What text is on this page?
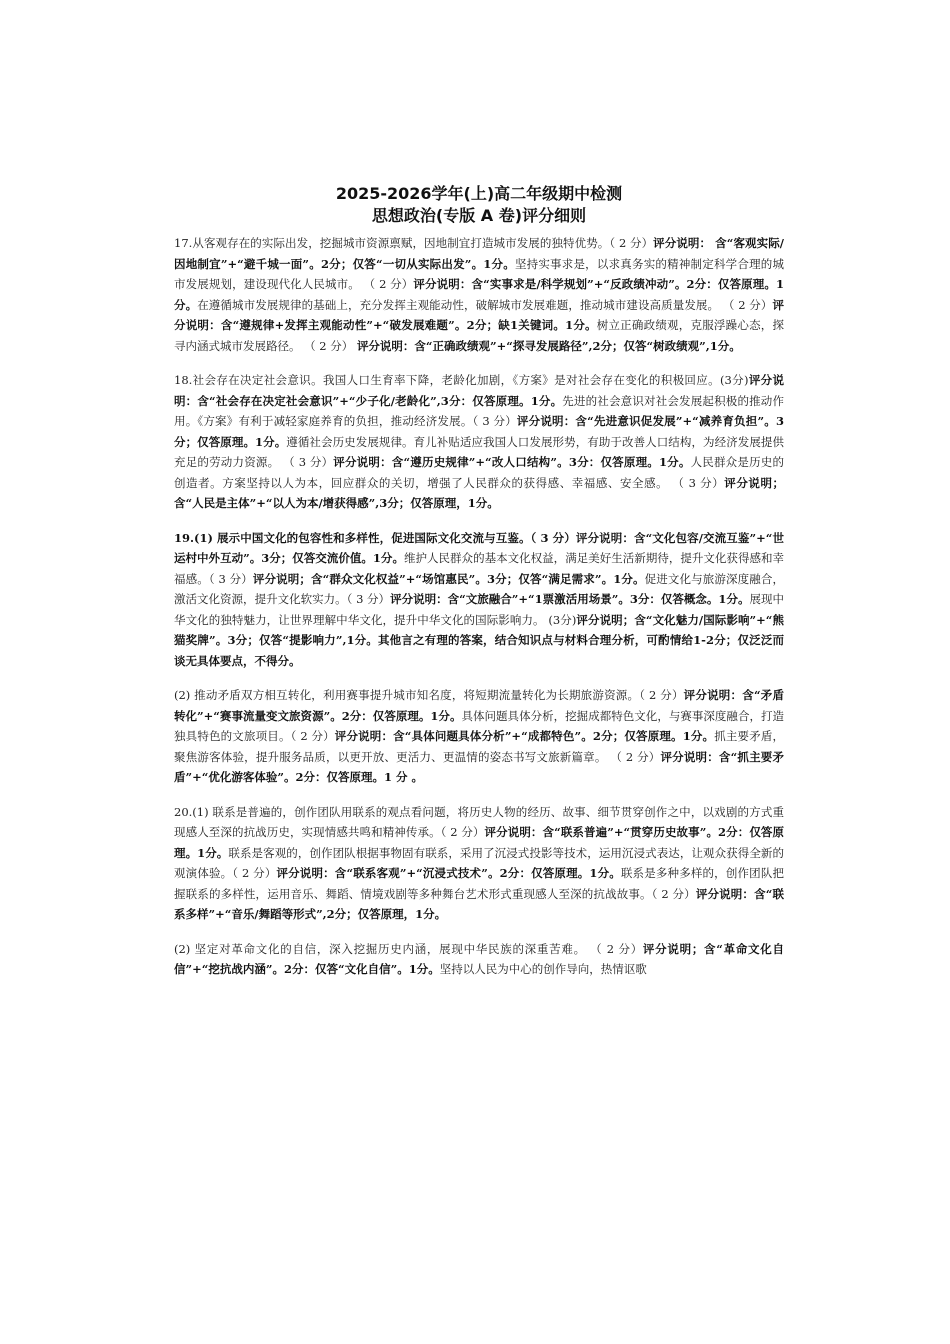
2025-2026学年(上)高二年级期中检测
思想政治(专版 A 卷)评分细则

17.从客观存在的实际出发，挖掘城市资源禀赋，因地制宜打造城市发展的独特优势。（ 2 分）评分说明： 含“客观实际/因地制宜”+“避千城一面”。2分；仅答“一切从实际出发”。1分。坚持实事求是，以求真务实的精神制定科学合理的城市发展规划，建设现代化人民城市。 （ 2 分）评分说明：含“实事求是/科学规划”+“反政绩冲动”。2分：仅答原理。1分。在遵循城市发展规律的基础上，充分发挥主观能动性，破解城市发展难题，推动城市建设高质量发展。 （ 2 分）评分说明：含“遵规律+发挥主观能动性”+“破发展难题”。2分；缺1关键词。1分。树立正确政绩观，克服浮躁心态，探寻内涵式城市发展路径。 （ 2 分） 评分说明：含“正确政绩观”+“探寻发展路径”,2分；仅答“树政绩观”,1分。

18.社会存在决定社会意识。我国人口生育率下降，老龄化加剧，《方案》是对社会存在变化的积极回应。(3分)评分说明：含“社会存在决定社会意识”+“少子化/老龄化”,3分：仅答原理。1分。先进的社会意识对社会发展起积极的推动作用。《方案》有利于减轻家庭养育的负担，推动经济发展。（ 3 分）评分说明：含“先进意识促发展”+“减养育负担”。3分；仅答原理。1分。遵循社会历史发展规律。育儿补贴适应我国人口发展形势，有助于改善人口结构，为经济发展提供充足的劳动力资源。 （ 3 分）评分说明：含“遵历史规律”+“改人口结构”。3分：仅答原理。1分。人民群众是历史的创造者。方案坚持以人为本，回应群众的关切，增强了人民群众的获得感、幸福感、安全感。 （ 3 分）评分说明；含“人民是主体”+“以人为本/增获得感”,3分；仅答原理，1分。

19.(1) 展示中国文化的包容性和多样性，促进国际文化交流与互鉴。（ 3 分）评分说明：含“文化包容/交流互鉴”+“世运村中外互动”。3分；仅答交流价值。1分。维护人民群众的基本文化权益，满足美好生活新期待，提升文化获得感和幸福感。（ 3 分）评分说明；含“群众文化权益”+“场馆惠民”。3分；仅答“满足需求”。1分。促进文化与旅游深度融合，激活文化资源，提升文化软实力。（ 3 分）评分说明：含“文旅融合”+“1票激活用场景”。3分：仅答概念。1分。展现中华文化的独特魅力，让世界理解中华文化，提升中华文化的国际影响力。 (3分)评分说明；含“文化魅力/国际影响”+“熊猫奖牌”。3分；仅答“提影响力”,1分。其他言之有理的答案，结合知识点与材料合理分析，可酌情给1-2分；仅泛泛而谈无具体要点，不得分。

(2) 推动矛盾双方相互转化，利用赛事提升城市知名度，将短期流量转化为长期旅游资源。（ 2 分）评分说明：含“矛盾转化”+“赛事流量变文旅资源”。2分：仅答原理。1分。具体问题具体分析，挖掘成都特色文化，与赛事深度融合，打造独具特色的文旅项目。（ 2 分）评分说明：含“具体问题具体分析”+“成都特色”。2分；仅答原理。1分。抓主要矛盾，聚焦游客体验，提升服务品质，以更开放、更活力、更温情的姿态书写文旅新篇章。 （ 2 分）评分说明：含“抓主要矛盾”+“优化游客体验”。2分：仅答原理。1 分 。

20.(1) 联系是普遍的，创作团队用联系的观点看问题，将历史人物的经历、故事、细节贯穿创作之中，以戏剧的方式重现感人至深的抗战历史，实现情感共鸣和精神传承。（ 2 分）评分说明：含“联系普遍”+“贯穿历史故事”。2分：仅答原理。1分。联系是客观的，创作团队根据事物固有联系，采用了沉浸式投影等技术，运用沉浸式表达，让观众获得全新的观演体验。（ 2 分）评分说明：含“联系客观”+“沉浸式技术”。2分：仅答原理。1分。联系是多种多样的，创作团队把握联系的多样性，运用音乐、舞蹈、情境戏剧等多种舞台艺术形式重现感人至深的抗战故事。（ 2 分）评分说明：含“联系多样”+“音乐/舞蹈等形式”,2分；仅答原理，1分。

(2) 坚定对革命文化的自信，深入挖掘历史内涵，展现中华民族的深重苦难。 （ 2 分）评分说明；含“革命文化自信”+“挖抗战内涵”。2分：仅答“文化自信”。1分。坚持以人民为中心的创作导向，热情讴歌
